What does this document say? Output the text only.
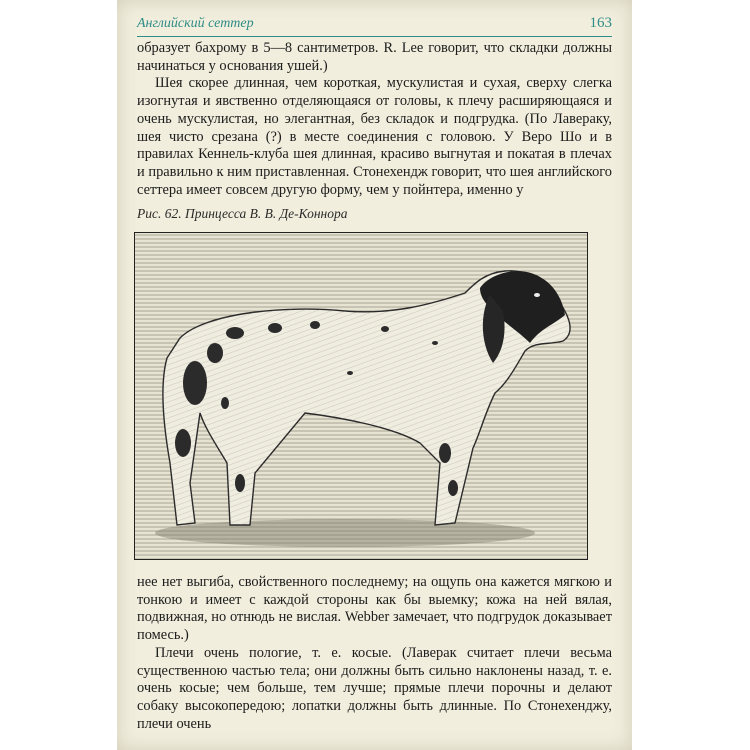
Английский сеттер	163

образует бахрому в 5—8 сантиметров. R. Lee говорит, что складки должны начинаться у основания ушей.)

Шея скорее длинная, чем короткая, мускулистая и сухая, сверху слегка изогнутая и явственно отделяющаяся от головы, к плечу расширяющаяся и очень мускулистая, но элегантная, без складок и подгрудка. (По Лавераку, шея чисто срезана (?) в месте соединения с головою. У Веро Шо и в правилах Кеннель-клуба шея длинная, красиво выгнутая и покатая в плечах и правильно к ним приставленная. Стонехендж говорит, что шея английского сеттера имеет совсем другую форму, чем у пойнтера, именно у

Рис. 62. Принцесса В. В. Де-Коннора

нее нет выгиба, свойственного последнему; на ощупь она кажется мягкою и тонкою и имеет с каждой стороны как бы выемку; кожа на ней вялая, подвижная, но отнюдь не вислая. Webber замечает, что подгрудок доказывает помесь.)

Плечи очень пологие, т. е. косые. (Лаверак считает плечи весьма существенною частью тела; они должны быть сильно наклонены назад, т. е. очень косые; чем больше, тем лучше; прямые плечи порочны и делают собаку высокопередою; лопатки должны быть длинные. По Стонехенджу, плечи очень
